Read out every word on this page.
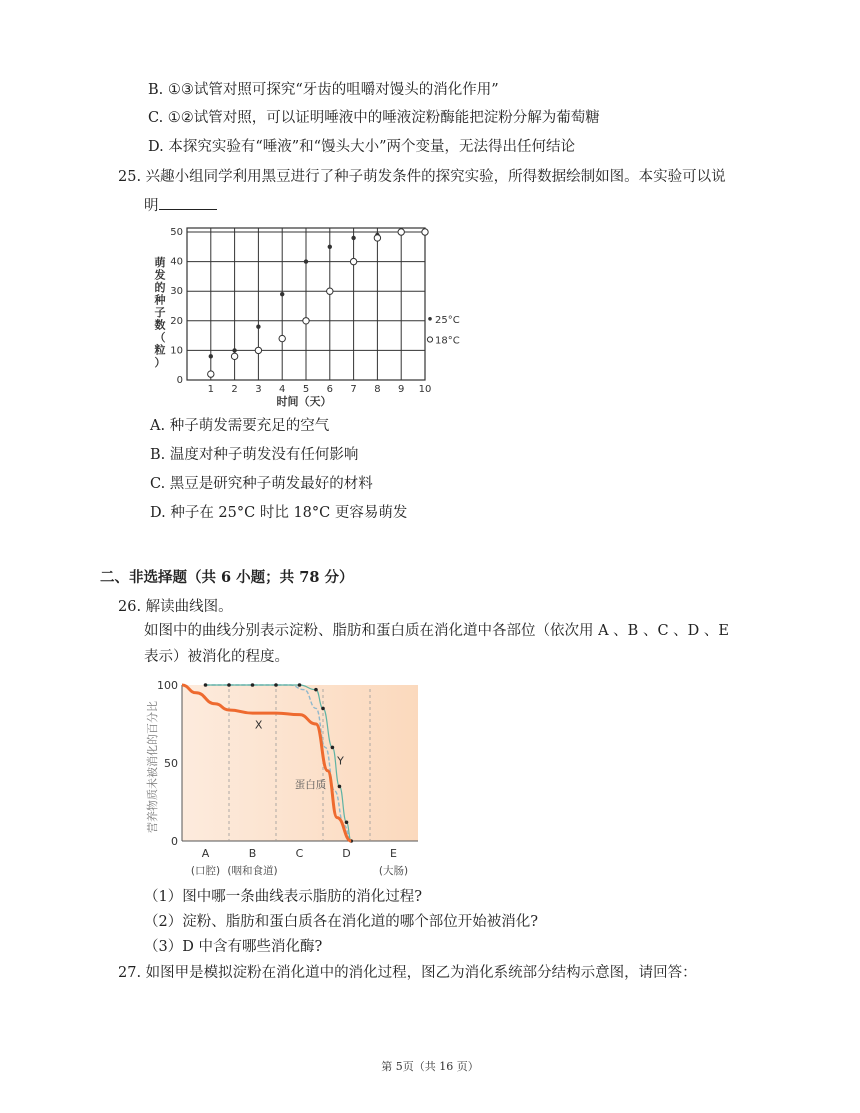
B. ①③试管对照可探究“牙齿的咀嚼对馒头的消化作用”
C. ①②试管对照，可以证明唾液中的唾液淀粉酶能把淀粉分解为葡萄糖
D. 本探究实验有“唾液”和“馒头大小”两个变量，无法得出任何结论
25. 兴趣小组同学利用黑豆进行了种子萌发条件的探究实验，所得数据绘制如图。本实验可以说
明
1 2 3 4 5 6 7 8 9 10
0
10
20
30
40
50
时间（天）
萌发的种子数（粒）
25°C
18°C
A. 种子萌发需要充足的空气
B. 温度对种子萌发没有任何影响
C. 黑豆是研究种子萌发最好的材料
D. 种子在 25°C 时比 18°C 更容易萌发
二、非选择题（共 6 小题；共 78 分）
26. 解读曲线图。
如图中的曲线分别表示淀粉、脂肪和蛋白质在消化道中各部位（依次用 A 、B 、C 、D 、E
表示）被消化的程度。
100
50
0
营养物质未被消化的百分比
A
(口腔)
B
(咽和食道)
C	D	E
(大肠)
X
Y
蛋白质
（1）图中哪一条曲线表示脂肪的消化过程?
（2）淀粉、脂肪和蛋白质各在消化道的哪个部位开始被消化?
（3）D 中含有哪些消化酶?
27. 如图甲是模拟淀粉在消化道中的消化过程，图乙为消化系统部分结构示意图，请回答：
第 5页（共 16 页）
